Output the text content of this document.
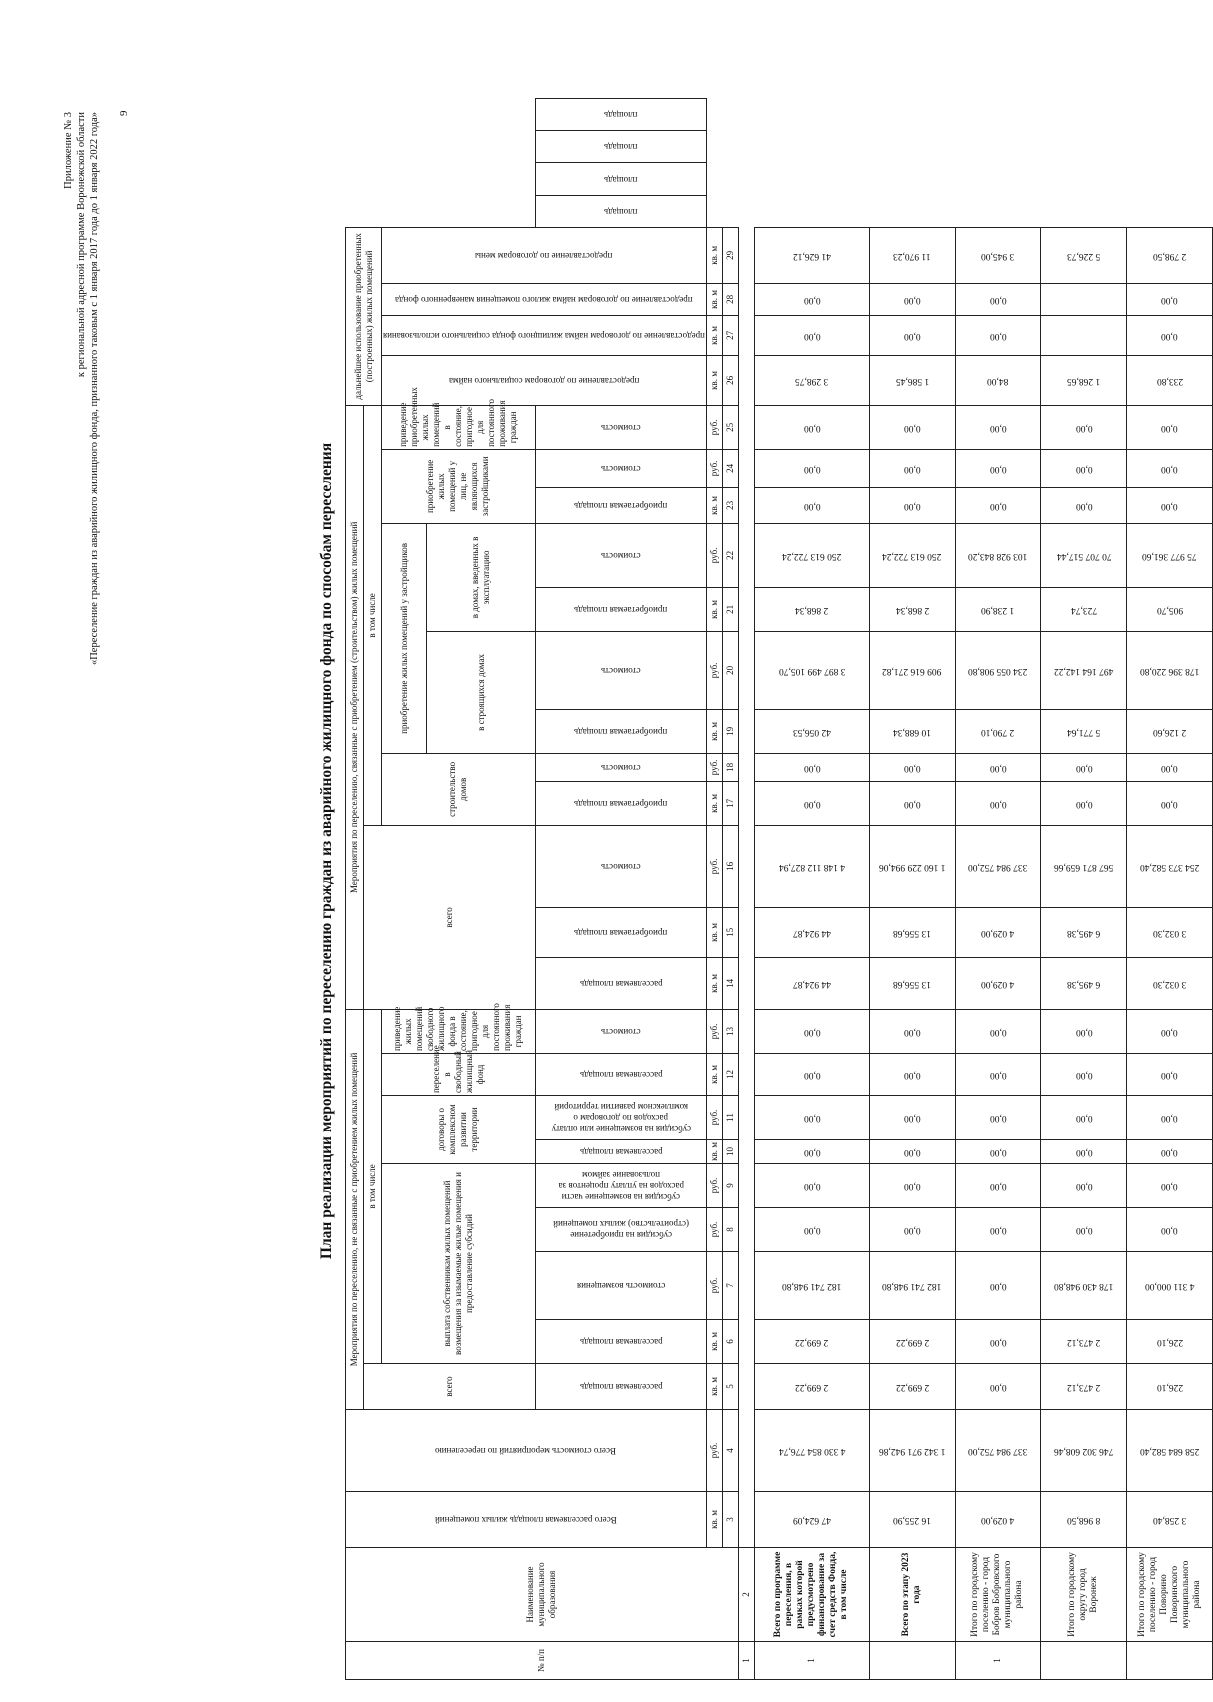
9
Приложение № 3 к региональной адресной программе Воронежской области «Переселение граждан из аварийного жилищного фонда, признанного таковым с 1 января 2017 года до 1 января 2022 года»
План реализации мероприятий по переселению граждан из аварийного жилищного фонда по способам переселения
№ п/п	Наименование муниципального образования	Всего расселяемая площадь жилых помещений	Всего стоимость мероприятий по переселению	Мероприятия по переселению, не связанные с приобретением жилых помещений									Мероприятия по переселению, связанные с приобретением (строительством) жилых помещений												дальнейшее использование приобретенных (построенных) жилых помещений							
				всего	в том числе								всего			в том числе																
					выплата собственникам жилых помещений возмещения за изымаемые жилые помещения и предоставление субсидий				договоры о комплексном развитии территории		переселение в свободный жилищный фонд	приведение жилых помещений свободного жилищного фонда в состояние, пригодное для постоянного проживания граждан				строительство домов		приобретение жилых помещений у застройщиков				приобретение жилых помещений у лиц, не являющихся застройщиками		приведение приобретенных жилых помещений в состояние, пригодное для постоянного проживания граждан	предоставление по договорам социального найма	предоставление по договорам найма жилищного фонда социального использования	предоставление по договорам найма жилого помещения маневренного фонда	предоставление по договорам мены				

																		в строящихся домах		в домах, введенных в эксплуатацию												

				расселяемая площадь	расселяемая площадь	стоимость возмещения	субсидия на приобретение (строительство) жилых помещений	субсидия на возмещение части расходов на уплату процентов за пользование займом	расселяемая площадь	субсидия на возмещение или оплату расходов по договорам о комплексном развитии территорий	расселяемая площадь	стоимость	расселяемая площадь	приобретаемая площадь	стоимость	приобретаемая площадь	стоимость	приобретаемая площадь	стоимость	приобретаемая площадь	стоимость	приобретаемая площадь	стоимость	стоимость					площадь	площадь	площадь	площадь

		кв. м	руб.	кв. м	кв. м	руб.	руб.	руб.	кв. м	руб.	кв. м	руб.	кв. м	кв. м	руб.	кв. м	руб.	кв. м	руб.	кв. м	руб.	кв. м	руб.	руб.	кв. м	кв. м	кв. м	кв. м				
		3	4	5	6	7	8	9	10	11	12	13	14	15	16	17	18	19	20	21	22	23	24	25	26	27	28	29				
1	2																															
1	Всего по программе переселения, в рамках которой предусмотрено финансирование за счет средств Фонда, в том числе	47 624,09	4 330 854 776,74	2 699,22	2 699,22	182 741 948,80	0,00	0,00	0,00	0,00	0,00	0,00	44 924,87	44 924,87	4 148 112 827,94	0,00	0,00	42 056,53	3 897 499 105,70	2 868,34	250 613 722,24	0,00	0,00	0,00	3 298,75	0,00	0,00	41 626,12				

	Всего по этапу 2023 года	16 255,90	1 342 971 942,86	2 699,22	2 699,22	182 741 948,80	0,00	0,00	0,00	0,00	0,00	0,00	13 556,68	13 556,68	1 160 229 994,06	0,00	0,00	10 688,34	909 616 271,82	2 868,34	250 613 722,24	0,00	0,00	0,00	1 586,45	0,00	0,00	11 970,23				

1	Итого по городскому поселению - город Бобров Бобровского муниципального района	4 029,00	337 984 752,00	0,00	0,00	0,00	0,00	0,00	0,00	0,00	0,00	0,00	4 029,00	4 029,00	337 984 752,00	0,00	0,00	2 790,10	234 055 908,80	1 238,90	103 928 843,20	0,00	0,00	0,00	84,00	0,00	0,00	3 945,00				

	Итого по городскому округу город Воронеж	8 968,50	746 302 608,46	2 473,12	2 473,12	178 430 948,80	0,00	0,00	0,00	0,00	0,00	0,00	6 495,38	6 495,38	567 871 659,66	0,00	0,00	5 771,64	497 164 142,22	723,74	70 707 517,44	0,00	0,00	0,00	1 268,65			5 226,73				

	Итого по городскому поселению - город Поворино Поворинского муниципального района	3 258,40	258 684 582,40	226,10	226,10	4 311 000,00	0,00	0,00	0,00	0,00	0,00	0,00	3 032,30	3 032,30	254 373 582,40	0,00	0,00	2 126,60	178 396 220,80	905,70	75 977 361,60	0,00	0,00	0,00	233,80	0,00	0,00	2 798,50				
